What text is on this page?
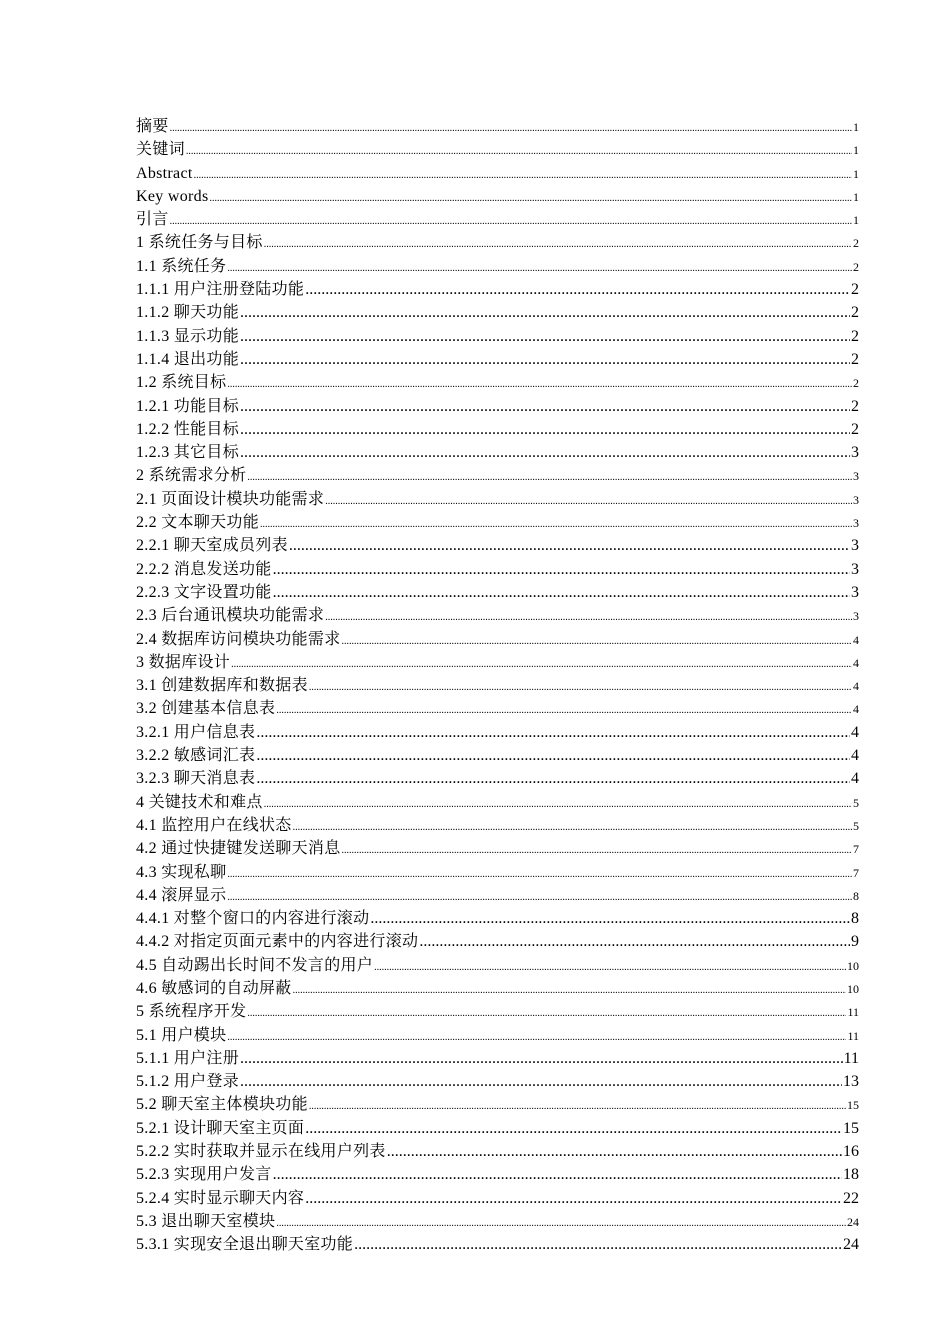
摘要 .....	1
关键词 .....	1
Abstract .....	1
Key words .....	1
引言 .....	1
1 系统任务与目标 .....	2
1.1 系统任务 .....	2
1.1.1 用户注册登陆功能 .....	2
1.1.2 聊天功能 .....	2
1.1.3 显示功能 .....	2
1.1.4 退出功能 .....	2
1.2 系统目标 .....	2
1.2.1 功能目标 .....	2
1.2.2 性能目标 .....	2
1.2.3 其它目标 .....	3
2 系统需求分析 .....	3
2.1 页面设计模块功能需求 .....	3
2.2 文本聊天功能 .....	3
2.2.1 聊天室成员列表 .....	3
2.2.2 消息发送功能 .....	3
2.2.3 文字设置功能 .....	3
2.3 后台通讯模块功能需求 .....	3
2.4 数据库访问模块功能需求 .....	4
3 数据库设计 .....	4
3.1 创建数据库和数据表 .....	4
3.2 创建基本信息表 .....	4
3.2.1 用户信息表 .....	4
3.2.2 敏感词汇表 .....	4
3.2.3 聊天消息表 .....	4
4 关键技术和难点 .....	5
4.1 监控用户在线状态 .....	5
4.2 通过快捷键发送聊天消息 .....	7
4.3 实现私聊 .....	7
4.4 滚屏显示 .....	8
4.4.1 对整个窗口的内容进行滚动 .....	8
4.4.2 对指定页面元素中的内容进行滚动 .....	9
4.5 自动踢出长时间不发言的用户 .....	10
4.6 敏感词的自动屏蔽 .....	10
5 系统程序开发 .....	11
5.1 用户模块 .....	11
5.1.1 用户注册 .....	11
5.1.2 用户登录 .....	13
5.2 聊天室主体模块功能 .....	15
5.2.1 设计聊天室主页面 .....	15
5.2.2 实时获取并显示在线用户列表 .....	16
5.2.3 实现用户发言 .....	18
5.2.4 实时显示聊天内容 .....	22
5.3 退出聊天室模块 .....	24
5.3.1 实现安全退出聊天室功能 .....	24
